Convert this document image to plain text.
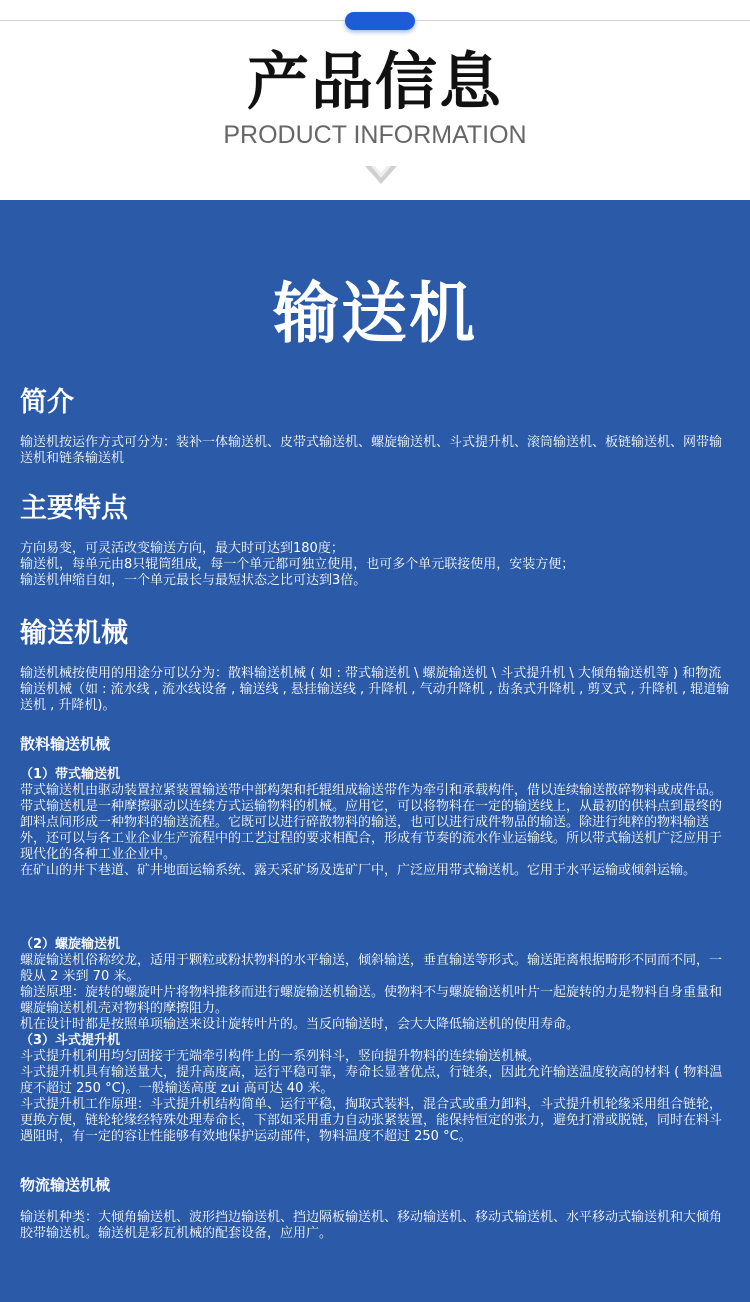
产品信息
PRODUCT INFORMATION
输送机
简介
输送机按运作方式可分为：装补一体输送机、皮带式输送机、螺旋输送机、斗式提升机、滚筒输送机、板链输送机、网带输送机和链条输送机
主要特点

方向易变，可灵活改变输送方向，最大时可达到180度；

输送机，每单元由8只辊筒组成，每一个单元都可独立使用，也可多个单元联接使用，安装方便；

输送机伸缩自如，一个单元最长与最短状态之比可达到3倍。

输送机械
输送机械按使用的用途分可以分为：散料输送机械 ( 如 : 带式输送机 \ 螺旋输送机 \ 斗式提升机 \ 大倾角输送机等 ) 和物流输送机械（如 : 流水线 , 流水线设备 , 输送线 , 悬挂输送线 , 升降机 , 气动升降机 , 齿条式升降机 , 剪叉式 , 升降机 , 辊道输送机 , 升降机)。
散料输送机械

（1）带式输送机

带式输送机由驱动装置拉紧装置输送带中部构架和托辊组成输送带作为牵引和承载构件，借以连续输送散碎物料或成件品。

带式输送机是一种摩擦驱动以连续方式运输物料的机械。应用它，可以将物料在一定的输送线上，从最初的供料点到最终的卸料点间形成一种物料的输送流程。它既可以进行碎散物料的输送，也可以进行成件物品的输送。除进行纯粹的物料输送外，还可以与各工业企业生产流程中的工艺过程的要求相配合，形成有节奏的流水作业运输线。所以带式输送机广泛应用于现代化的各种工业企业中。

在矿山的井下巷道、矿井地面运输系统、露天采矿场及选矿厂中，广泛应用带式输送机。它用于水平运输或倾斜运输。

（2）螺旋输送机

螺旋输送机俗称绞龙，适用于颗粒或粉状物料的水平输送，倾斜输送，垂直输送等形式。输送距离根据畸形不同而不同，一般从 2 米到 70 米。

输送原理：旋转的螺旋叶片将物料推移而进行螺旋输送机输送。使物料不与螺旋输送机叶片一起旋转的力是物料自身重量和螺旋输送机机壳对物料的摩擦阻力。

机在设计时都是按照单项输送来设计旋转叶片的。当反向输送时，会大大降低输送机的使用寿命。

（3）斗式提升机

斗式提升机利用均匀固接于无端牵引构件上的一系列料斗，竖向提升物料的连续输送机械。

斗式提升机具有输送量大，提升高度高，运行平稳可靠，寿命长显著优点，行链条，因此允许输送温度较高的材料 ( 物料温度不超过 250 °C)。一般输送高度 zui 高可达 40 米。

斗式提升机工作原理：斗式提升机结构简单、运行平稳，掏取式装料，混合式或重力卸料，斗式提升机轮缘采用组合链轮，更换方便，链轮轮缘经特殊处理寿命长，下部如采用重力自动张紧装置，能保持恒定的张力，避免打滑或脱链，同时在料斗遇阻时，有一定的容让性能够有效地保护运动部件，物料温度不超过 250 °C。

物流输送机械
输送机种类：大倾角输送机、波形挡边输送机、挡边隔板输送机、移动输送机、移动式输送机、水平移动式输送机和大倾角胶带输送机。输送机是彩瓦机械的配套设备，应用广。
